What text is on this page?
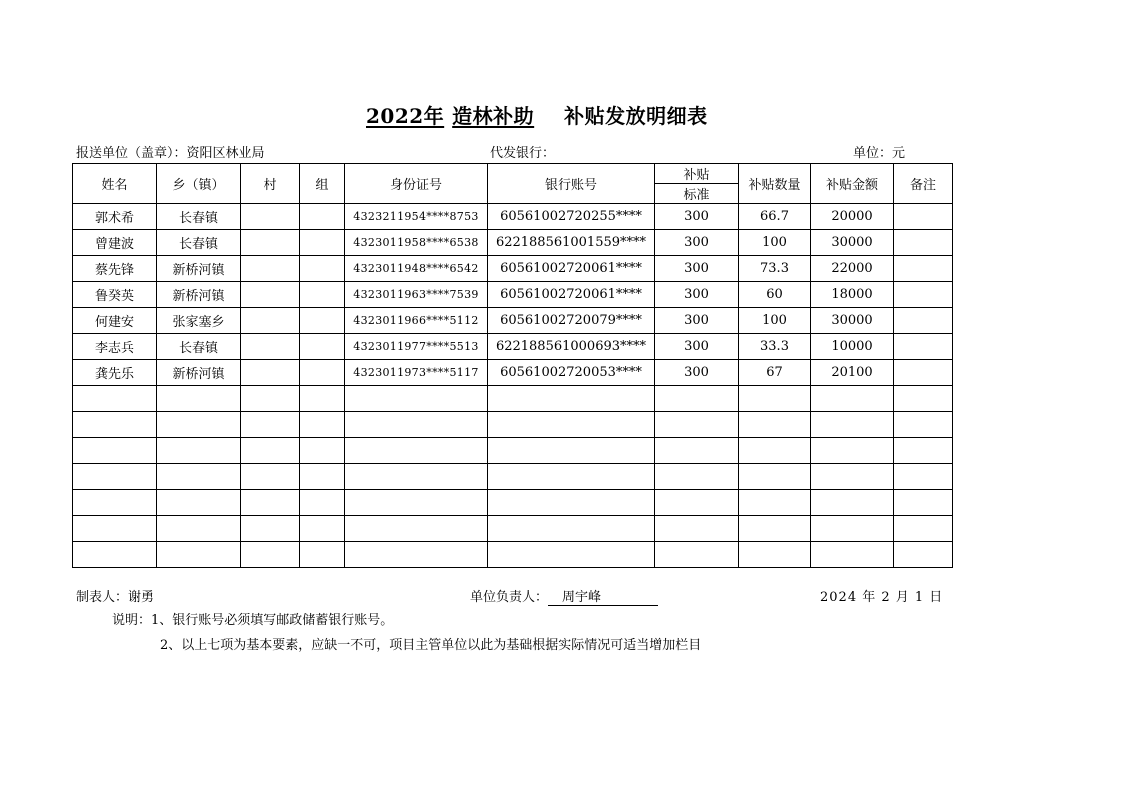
2022年 造林补助 补贴发放明细表
报送单位（盖章）：资阳区林业局	代发银行：	单位：元
姓名	乡（镇）	村	组	身份证号	银行账号	补贴	补贴数量	补贴金额	备注
						标准			
郭术希	长春镇			4323211954****8753	60561002720255****	300	66.7	20000	
曾建波	长春镇			4323011958****6538	622188561001559****	300	100	30000	
蔡先锋	新桥河镇			4323011948****6542	60561002720061****	300	73.3	22000	
鲁癸英	新桥河镇			4323011963****7539	60561002720061****	300	60	18000	
何建安	张家塞乡			4323011966****5112	60561002720079****	300	100	30000	
李志兵	长春镇			4323011977****5513	622188561000693****	300	33.3	10000	
龚先乐	新桥河镇			4323011973****5117	60561002720053****	300	67	20100	

制表人：谢勇	单位负责人： 周宇峰	2024 年 2 月 1 日
说明：1、银行账号必须填写邮政储蓄银行账号。
2、以上七项为基本要素，应缺一不可，项目主管单位以此为基础根据实际情况可适当增加栏目
